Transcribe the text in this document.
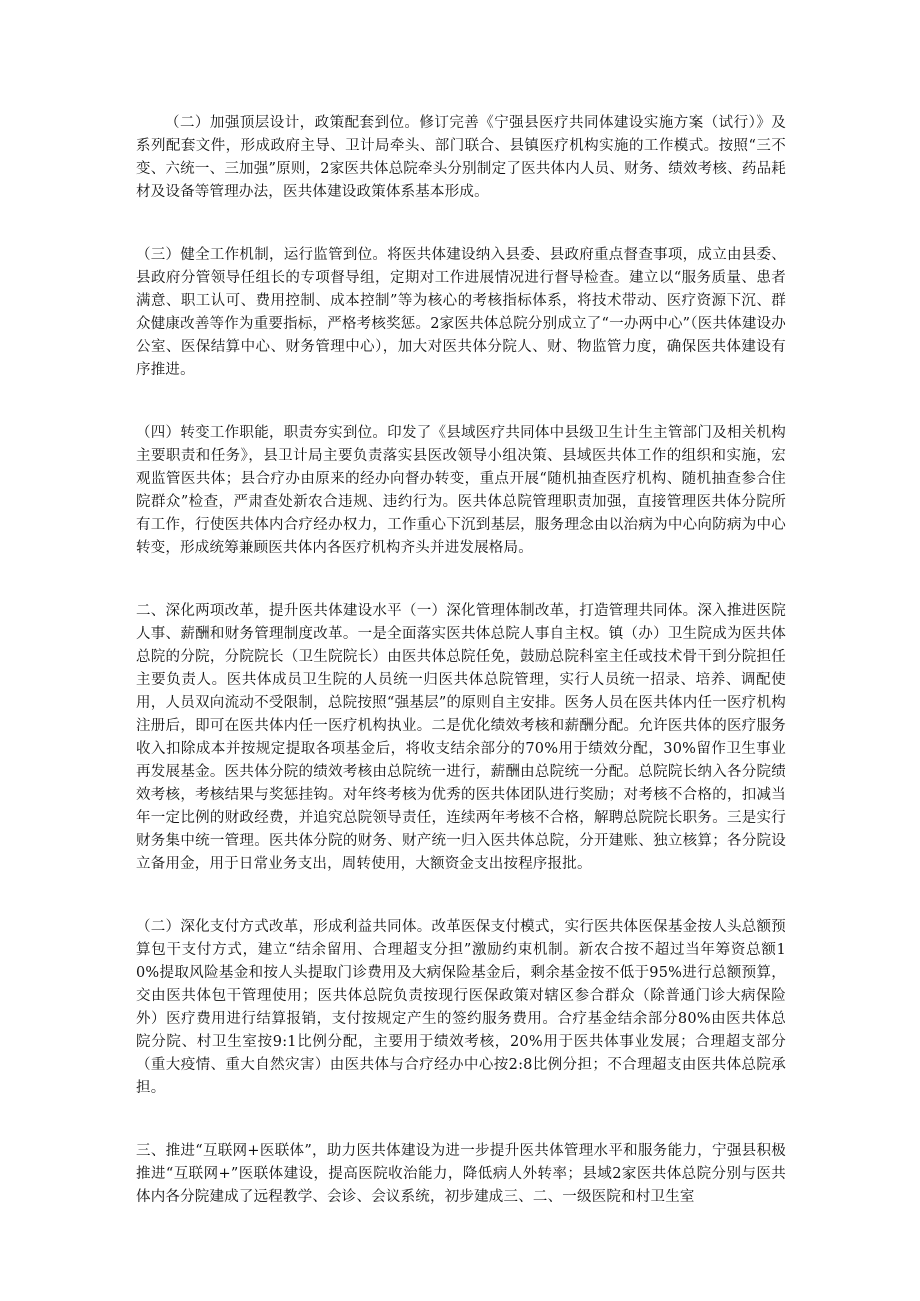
（二）加强顶层设计，政策配套到位。修订完善《宁强县医疗共同体建设实施方案（试行）》及系列配套文件，形成政府主导、卫计局牵头、部门联合、县镇医疗机构实施的工作模式。按照“三不变、六统一、三加强”原则，2家医共体总院牵头分别制定了医共体内人员、财务、绩效考核、药品耗材及设备等管理办法，医共体建设政策体系基本形成。

（三）健全工作机制，运行监管到位。将医共体建设纳入县委、县政府重点督查事项，成立由县委、县政府分管领导任组长的专项督导组，定期对工作进展情况进行督导检查。建立以“服务质量、患者满意、职工认可、费用控制、成本控制”等为核心的考核指标体系，将技术带动、医疗资源下沉、群众健康改善等作为重要指标，严格考核奖惩。2家医共体总院分别成立了“一办两中心”（医共体建设办公室、医保结算中心、财务管理中心），加大对医共体分院人、财、物监管力度，确保医共体建设有序推进。

（四）转变工作职能，职责夯实到位。印发了《县域医疗共同体中县级卫生计生主管部门及相关机构主要职责和任务》，县卫计局主要负责落实县医改领导小组决策、县域医共体工作的组织和实施，宏观监管医共体；县合疗办由原来的经办向督办转变，重点开展“随机抽查医疗机构、随机抽查参合住院群众”检查，严肃查处新农合违规、违约行为。医共体总院管理职责加强，直接管理医共体分院所有工作，行使医共体内合疗经办权力，工作重心下沉到基层，服务理念由以治病为中心向防病为中心转变，形成统筹兼顾医共体内各医疗机构齐头并进发展格局。

二、深化两项改革，提升医共体建设水平（一）深化管理体制改革，打造管理共同体。深入推进医院人事、薪酬和财务管理制度改革。一是全面落实医共体总院人事自主权。镇（办）卫生院成为医共体总院的分院，分院院长（卫生院院长）由医共体总院任免，鼓励总院科室主任或技术骨干到分院担任主要负责人。医共体成员卫生院的人员统一归医共体总院管理，实行人员统一招录、培养、调配使用，人员双向流动不受限制，总院按照“强基层”的原则自主安排。医务人员在医共体内任一医疗机构注册后，即可在医共体内任一医疗机构执业。二是优化绩效考核和薪酬分配。允许医共体的医疗服务收入扣除成本并按规定提取各项基金后，将收支结余部分的70%用于绩效分配，30%留作卫生事业再发展基金。医共体分院的绩效考核由总院统一进行，薪酬由总院统一分配。总院院长纳入各分院绩效考核，考核结果与奖惩挂钩。对年终考核为优秀的医共体团队进行奖励；对考核不合格的，扣减当年一定比例的财政经费，并追究总院领导责任，连续两年考核不合格，解聘总院院长职务。三是实行财务集中统一管理。医共体分院的财务、财产统一归入医共体总院，分开建账、独立核算；各分院设立备用金，用于日常业务支出，周转使用，大额资金支出按程序报批。

（二）深化支付方式改革，形成利益共同体。改革医保支付模式，实行医共体医保基金按人头总额预算包干支付方式，建立“结余留用、合理超支分担”激励约束机制。新农合按不超过当年筹资总额10%提取风险基金和按人头提取门诊费用及大病保险基金后，剩余基金按不低于95%进行总额预算，交由医共体包干管理使用；医共体总院负责按现行医保政策对辖区参合群众（除普通门诊大病保险外）医疗费用进行结算报销，支付按规定产生的签约服务费用。合疗基金结余部分80%由医共体总院分院、村卫生室按9:1比例分配，主要用于绩效考核，20%用于医共体事业发展；合理超支部分（重大疫情、重大自然灾害）由医共体与合疗经办中心按2:8比例分担；不合理超支由医共体总院承担。

三、推进“互联网+医联体”，助力医共体建设为进一步提升医共体管理水平和服务能力，宁强县积极推进“互联网+”医联体建设，提高医院收治能力，降低病人外转率；县域2家医共体总院分别与医共体内各分院建成了远程教学、会诊、会议系统，初步建成三、二、一级医院和村卫生室
